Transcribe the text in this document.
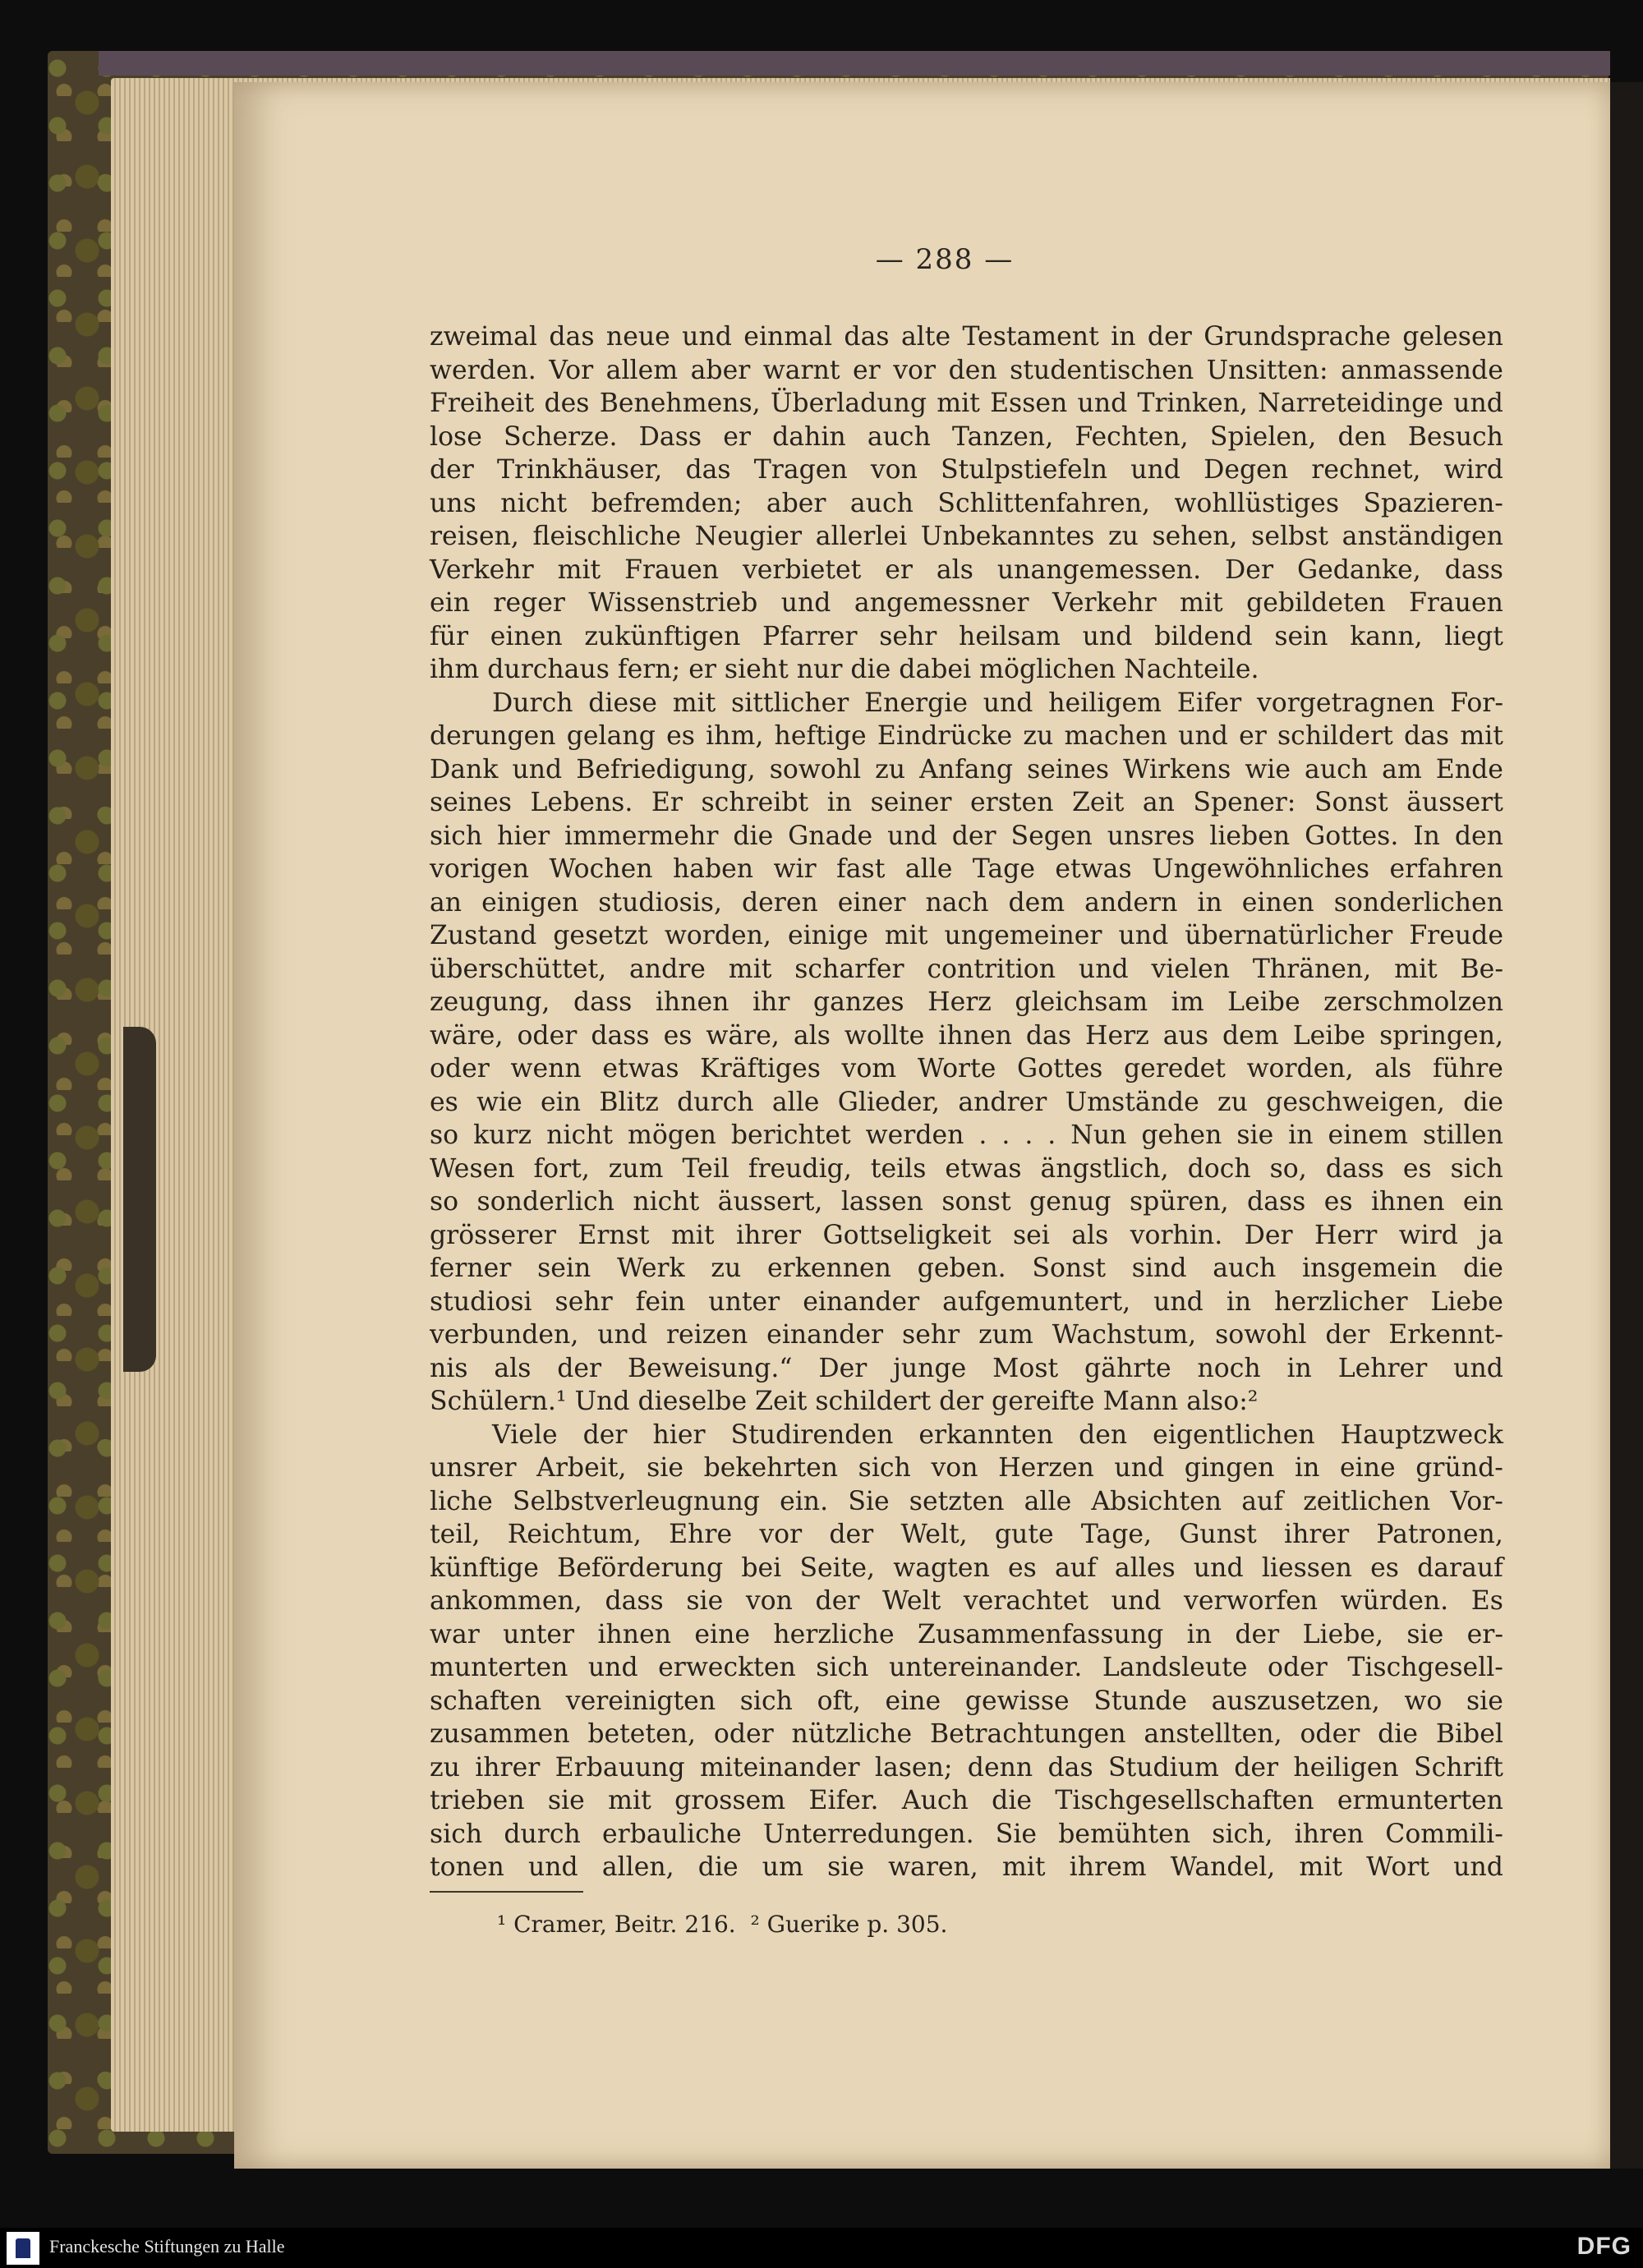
— 288 —
zweimal das neue und einmal das alte Testament in der Grundsprache gelesen
werden. Vor allem aber warnt er vor den studentischen Unsitten: anmassende
Freiheit des Benehmens, Überladung mit Essen und Trinken, Narreteidinge und
lose Scherze. Dass er dahin auch Tanzen, Fechten, Spielen, den Besuch
der Trinkhäuser, das Tragen von Stulpstiefeln und Degen rechnet, wird
uns nicht befremden; aber auch Schlittenfahren, wohllüstiges Spazieren-
reisen, fleischliche Neugier allerlei Unbekanntes zu sehen, selbst anständigen
Verkehr mit Frauen verbietet er als unangemessen. Der Gedanke, dass
ein reger Wissenstrieb und angemessner Verkehr mit gebildeten Frauen
für einen zukünftigen Pfarrer sehr heilsam und bildend sein kann, liegt
ihm durchaus fern; er sieht nur die dabei möglichen Nachteile.
Durch diese mit sittlicher Energie und heiligem Eifer vorgetragnen For-
derungen gelang es ihm, heftige Eindrücke zu machen und er schildert das mit
Dank und Befriedigung, sowohl zu Anfang seines Wirkens wie auch am Ende
seines Lebens. Er schreibt in seiner ersten Zeit an Spener: Sonst äussert
sich hier immermehr die Gnade und der Segen unsres lieben Gottes. In den
vorigen Wochen haben wir fast alle Tage etwas Ungewöhnliches erfahren
an einigen studiosis, deren einer nach dem andern in einen sonderlichen
Zustand gesetzt worden, einige mit ungemeiner und übernatürlicher Freude
überschüttet, andre mit scharfer contrition und vielen Thränen, mit Be-
zeugung, dass ihnen ihr ganzes Herz gleichsam im Leibe zerschmolzen
wäre, oder dass es wäre, als wollte ihnen das Herz aus dem Leibe springen,
oder wenn etwas Kräftiges vom Worte Gottes geredet worden, als führe
es wie ein Blitz durch alle Glieder, andrer Umstände zu geschweigen, die
so kurz nicht mögen berichtet werden . . . . Nun gehen sie in einem stillen
Wesen fort, zum Teil freudig, teils etwas ängstlich, doch so, dass es sich
so sonderlich nicht äussert, lassen sonst genug spüren, dass es ihnen ein
grösserer Ernst mit ihrer Gottseligkeit sei als vorhin. Der Herr wird ja
ferner sein Werk zu erkennen geben. Sonst sind auch insgemein die
studiosi sehr fein unter einander aufgemuntert, und in herzlicher Liebe
verbunden, und reizen einander sehr zum Wachstum, sowohl der Erkennt-
nis als der Beweisung.“ Der junge Most gährte noch in Lehrer und
Schülern.¹ Und dieselbe Zeit schildert der gereifte Mann also:²
Viele der hier Studirenden erkannten den eigentlichen Hauptzweck
unsrer Arbeit, sie bekehrten sich von Herzen und gingen in eine gründ-
liche Selbstverleugnung ein. Sie setzten alle Absichten auf zeitlichen Vor-
teil, Reichtum, Ehre vor der Welt, gute Tage, Gunst ihrer Patronen,
künftige Beförderung bei Seite, wagten es auf alles und liessen es darauf
ankommen, dass sie von der Welt verachtet und verworfen würden. Es
war unter ihnen eine herzliche Zusammenfassung in der Liebe, sie er-
munterten und erweckten sich untereinander. Landsleute oder Tischgesell-
schaften vereinigten sich oft, eine gewisse Stunde auszusetzen, wo sie
zusammen beteten, oder nützliche Betrachtungen anstellten, oder die Bibel
zu ihrer Erbauung miteinander lasen; denn das Studium der heiligen Schrift
trieben sie mit grossem Eifer. Auch die Tischgesellschaften ermunterten
sich durch erbauliche Unterredungen. Sie bemühten sich, ihren Commili-
tonen und allen, die um sie waren, mit ihrem Wandel, mit Wort und
¹ Cramer, Beitr. 216.  ² Guerike p. 305.
Franckesche Stiftungen zu Halle	DFG
